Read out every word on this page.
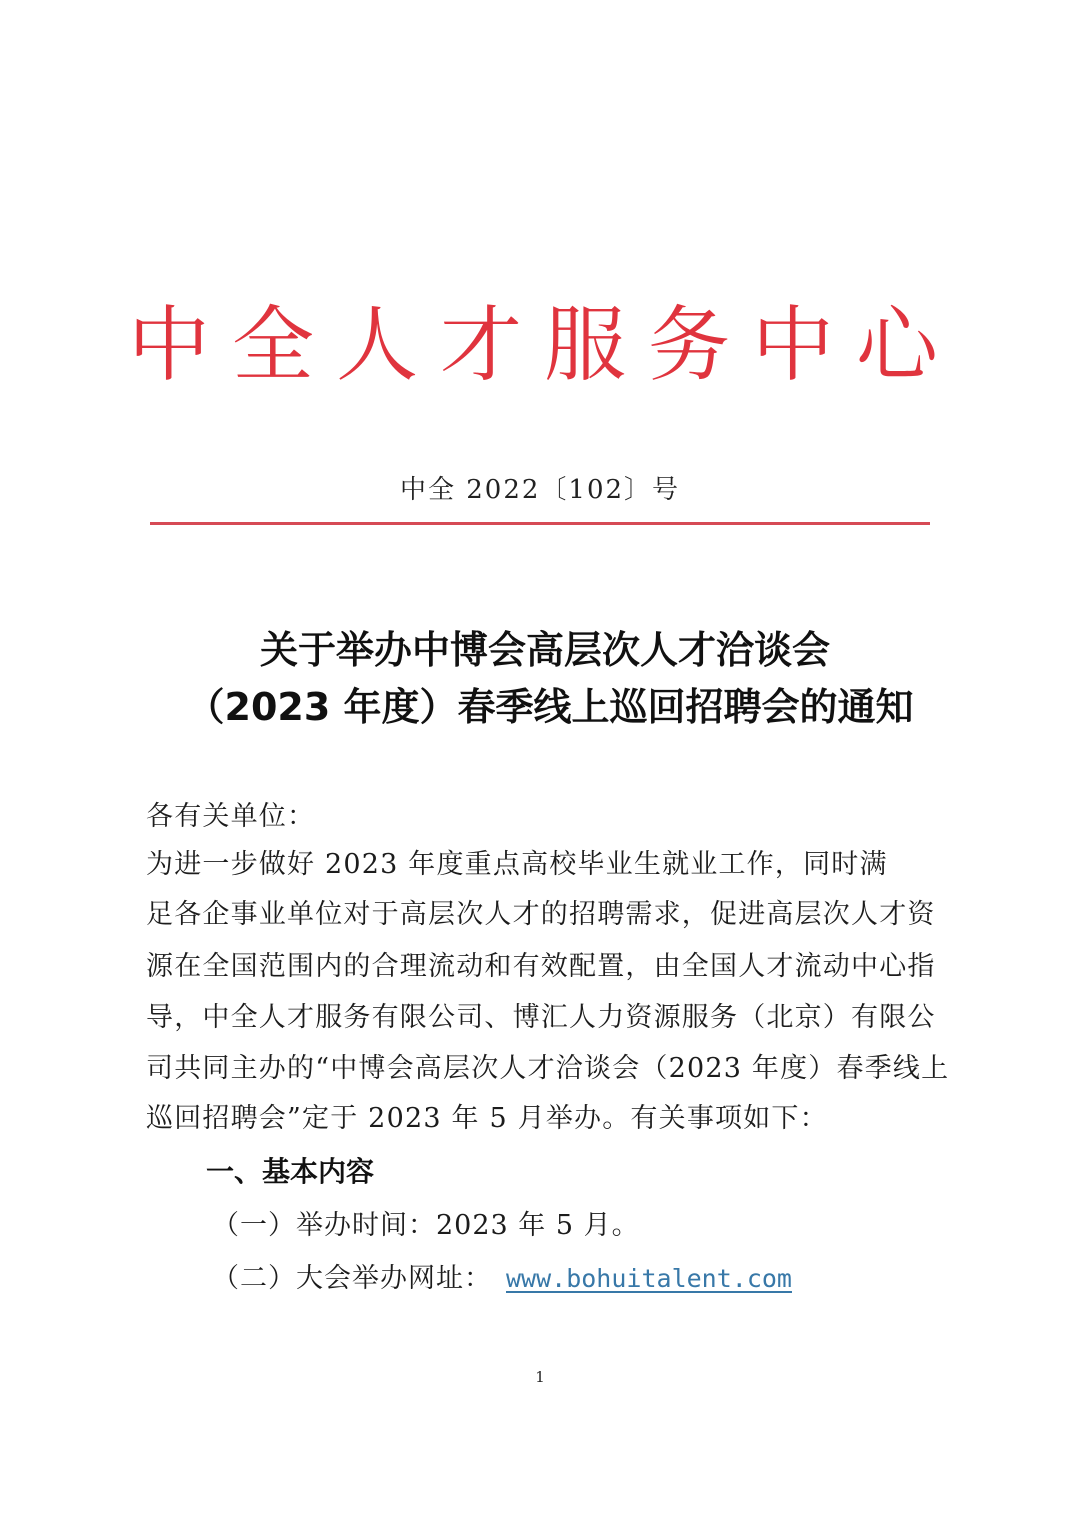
中全人才服务中心
中全 2022〔102〕号
关于举办中博会高层次人才洽谈会
（2023 年度）春季线上巡回招聘会的通知
各有关单位：
为进一步做好 2023 年度重点高校毕业生就业工作，同时满
足各企事业单位对于高层次人才的招聘需求，促进高层次人才资
源在全国范围内的合理流动和有效配置，由全国人才流动中心指
导，中全人才服务有限公司、博汇人力资源服务（北京）有限公
司共同主办的“中博会高层次人才洽谈会（2023 年度）春季线上
巡回招聘会”定于 2023 年 5 月举办。有关事项如下：
一、基本内容
（一）举办时间：2023 年 5 月。
（二）大会举办网址： www.bohuitalent.com
1
